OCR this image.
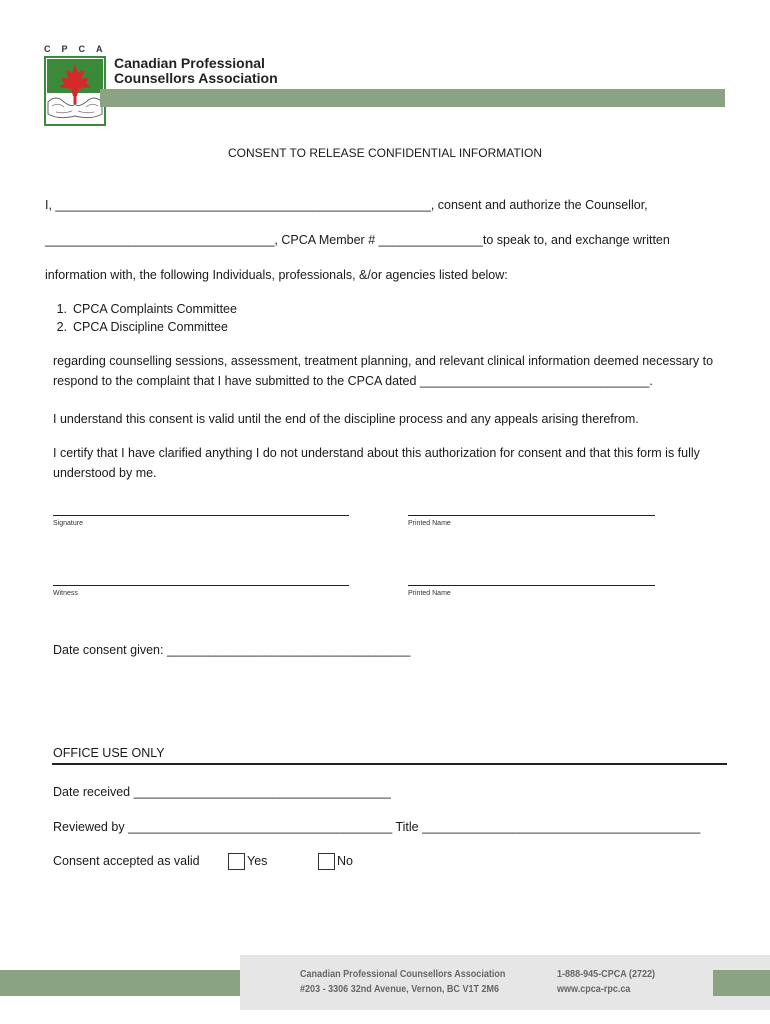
CPCA
Canadian Professional
Counsellors Association
CONSENT TO RELEASE CONFIDENTIAL INFORMATION
I, ______________________________________________________, consent and authorize the Counsellor,
_________________________________, CPCA Member # _______________to speak to, and exchange written
information with, the following Individuals, professionals, &/or agencies listed below:
1. CPCA Complaints Committee
2. CPCA Discipline Committee
regarding counselling sessions, assessment, treatment planning, and relevant clinical information deemed necessary to
respond to the complaint that I have submitted to the CPCA dated _________________________________.
I understand this consent is valid until the end of the discipline process and any appeals arising therefrom.
I certify that I have clarified anything I do not understand about this authorization for consent and that this form is fully
understood by me.
Signature	Printed Name
Witness	Printed Name
Date consent given: ___________________________________
OFFICE USE ONLY
Date received _____________________________________
Reviewed by ______________________________________ Title ________________________________________
Consent accepted as valid	Yes	No
Canadian Professional Counsellors Association
#203 - 3306 32nd Avenue, Vernon, BC V1T 2M6
1-888-945-CPCA (2722)
www.cpca-rpc.ca
